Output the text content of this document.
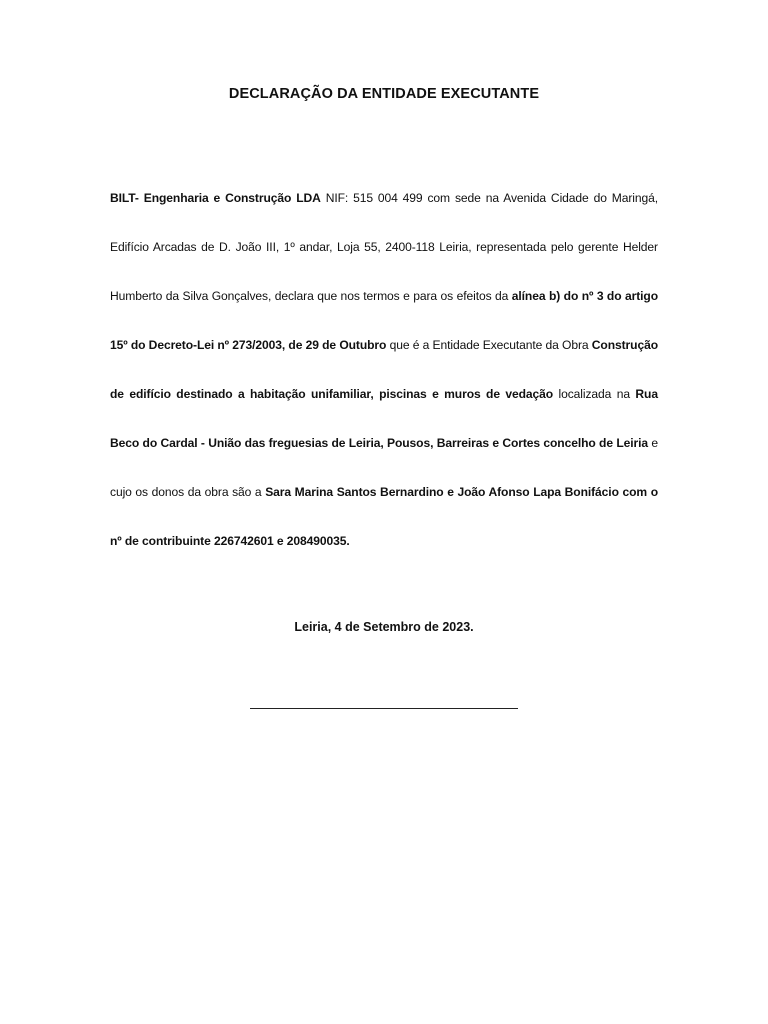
DECLARAÇÃO DA ENTIDADE EXECUTANTE
BILT- Engenharia e Construção LDA NIF: 515 004 499 com sede na Avenida Cidade do Maringá, Edifício Arcadas de D. João III, 1º andar, Loja 55, 2400-118 Leiria, representada pelo gerente Helder Humberto da Silva Gonçalves, declara que nos termos e para os efeitos da alínea b) do nº 3 do artigo 15º do Decreto-Lei nº 273/2003, de 29 de Outubro que é a Entidade Executante da Obra Construção de edifício destinado a habitação unifamiliar, piscinas e muros de vedação localizada na Rua Beco do Cardal - União das freguesias de Leiria, Pousos, Barreiras e Cortes concelho de Leiria e cujo os donos da obra são a Sara Marina Santos Bernardino e João Afonso Lapa Bonifácio com o nº de contribuinte 226742601 e 208490035.
Leiria, 4 de Setembro de 2023.
